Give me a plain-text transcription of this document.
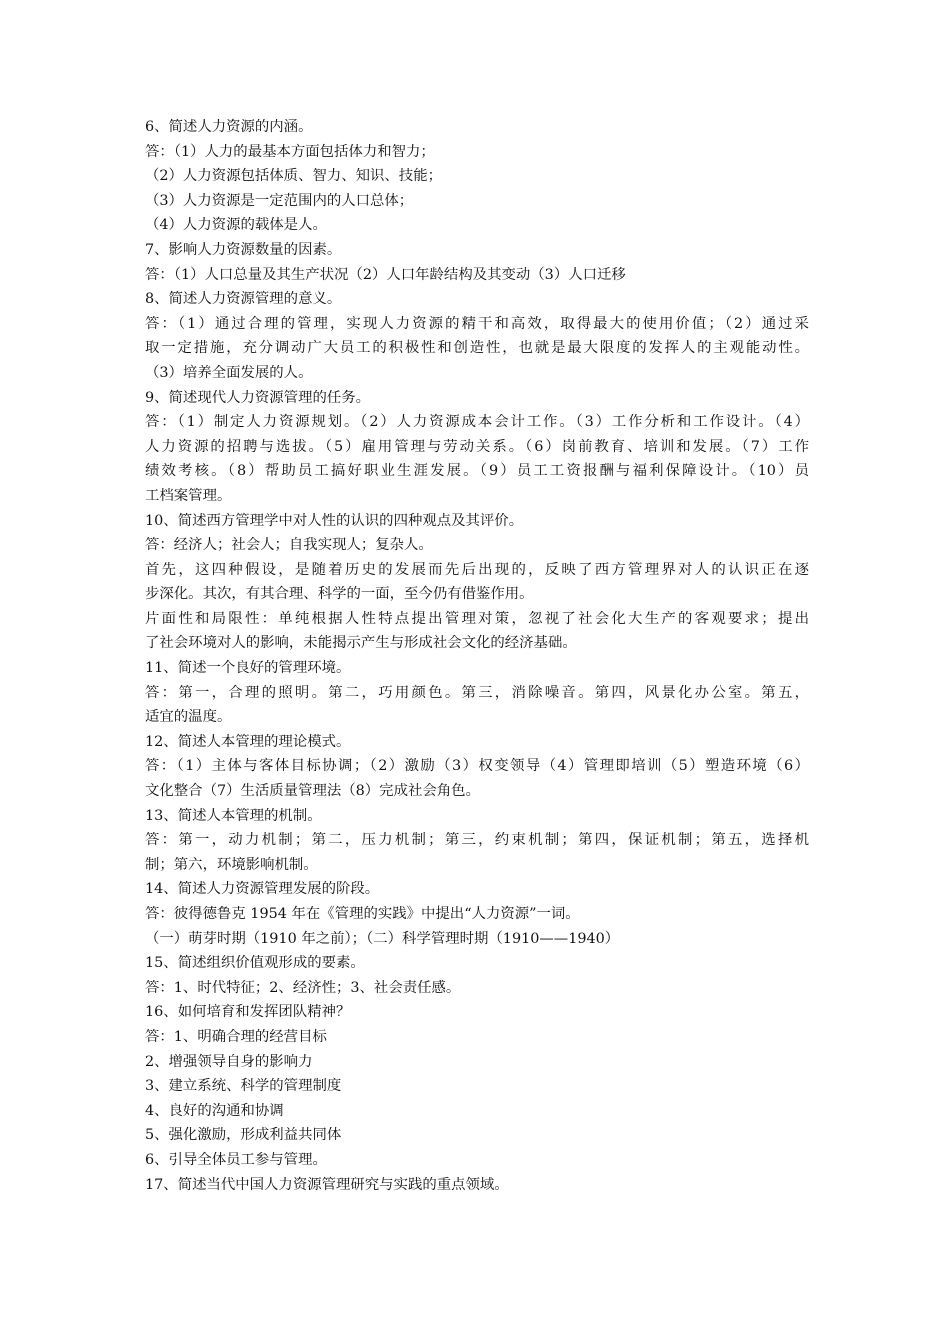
6、简述人力资源的内涵。

答：（1）人力的最基本方面包括体力和智力；

（2）人力资源包括体质、智力、知识、技能；

（3）人力资源是一定范围内的人口总体；

（4）人力资源的载体是人。

7、影响人力资源数量的因素。

答：（1）人口总量及其生产状况（2）人口年龄结构及其变动（3）人口迁移

8、简述人力资源管理的意义。

答：（1）通过合理的管理，实现人力资源的精干和高效，取得最大的使用价值；（2）通过采

取一定措施，充分调动广大员工的积极性和创造性，也就是最大限度的发挥人的主观能动性。

（3）培养全面发展的人。

9、简述现代人力资源管理的任务。

答：（1）制定人力资源规划。（2）人力资源成本会计工作。（3）工作分析和工作设计。（4）

人力资源的招聘与选拔。（5）雇用管理与劳动关系。（6）岗前教育、培训和发展。（7）工作

绩效考核。（8）帮助员工搞好职业生涯发展。（9）员工工资报酬与福利保障设计。（10）员

工档案管理。

10、简述西方管理学中对人性的认识的四种观点及其评价。

答：经济人；社会人；自我实现人；复杂人。

首先，这四种假设，是随着历史的发展而先后出现的，反映了西方管理界对人的认识正在逐

步深化。其次，有其合理、科学的一面，至今仍有借鉴作用。

片面性和局限性：单纯根据人性特点提出管理对策，忽视了社会化大生产的客观要求；提出

了社会环境对人的影响，未能揭示产生与形成社会文化的经济基础。

11、简述一个良好的管理环境。

答：第一，合理的照明。第二，巧用颜色。第三，消除噪音。第四，风景化办公室。第五，

适宜的温度。

12、简述人本管理的理论模式。

答：（1）主体与客体目标协调；（2）激励（3）权变领导（4）管理即培训（5）塑造环境（6）

文化整合（7）生活质量管理法（8）完成社会角色。

13、简述人本管理的机制。

答：第一，动力机制；第二，压力机制；第三，约束机制；第四，保证机制；第五，选择机

制；第六，环境影响机制。

14、简述人力资源管理发展的阶段。

答：彼得德鲁克 1954 年在《管理的实践》中提出“人力资源”一词。

（一）萌芽时期（1910 年之前）；（二）科学管理时期（1910——1940）

15、简述组织价值观形成的要素。

答：1、时代特征；2、经济性；3、社会责任感。

16、如何培育和发挥团队精神？

答：1、明确合理的经营目标

2、增强领导自身的影响力

3、建立系统、科学的管理制度

4、良好的沟通和协调

5、强化激励，形成利益共同体

6、引导全体员工参与管理。

17、简述当代中国人力资源管理研究与实践的重点领域。
